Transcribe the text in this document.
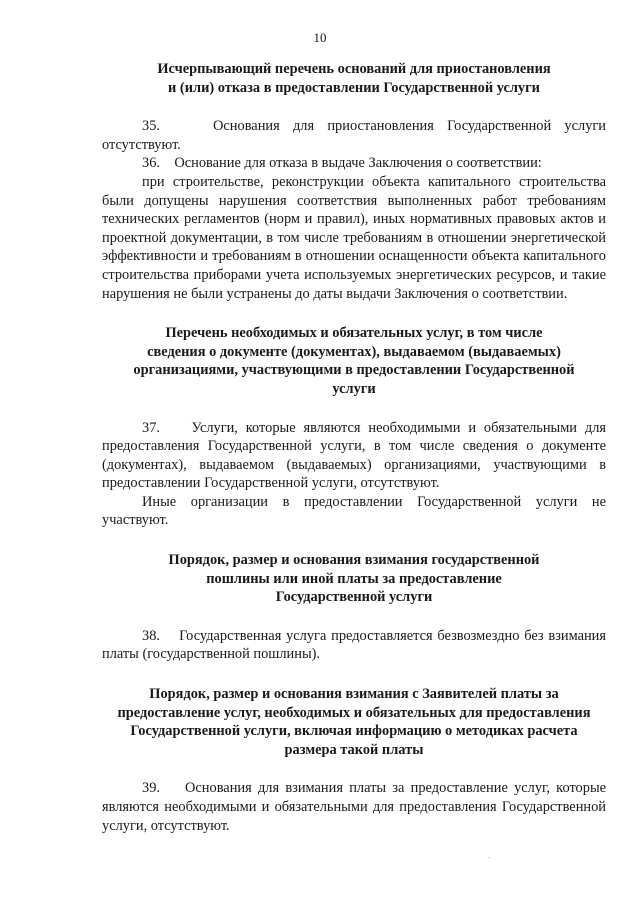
10
Исчерпывающий перечень оснований для приостановления
и (или) отказа в предоставлении Государственной услуги

35.    Основания для приостановления Государственной услуги отсутствуют.

36.    Основание для отказа в выдаче Заключения о соответствии:

при строительстве, реконструкции объекта капитального строительства были допущены нарушения соответствия выполненных работ требованиям технических регламентов (норм и правил), иных нормативных правовых актов и проектной документации, в том числе требованиям в отношении энергетической эффективности и требованиям в отношении оснащенности объекта капитального строительства приборами учета используемых энергетических ресурсов, и такие нарушения не были устранены до даты выдачи Заключения о соответствии.

Перечень необходимых и обязательных услуг, в том числе
сведения о документе (документах), выдаваемом (выдаваемых)
организациями, участвующими в предоставлении Государственной
услуги

37.    Услуги, которые являются необходимыми и обязательными для предоставления Государственной услуги, в том числе сведения о документе (документах), выдаваемом (выдаваемых) организациями, участвующими в предоставлении Государственной услуги, отсутствуют.

Иные организации в предоставлении Государственной услуги не участвуют.

Порядок, размер и основания взимания государственной
пошлины или иной платы за предоставление
Государственной услуги

38.    Государственная услуга предоставляется безвозмездно без взимания платы (государственной пошлины).

Порядок, размер и основания взимания с Заявителей платы за
предоставление услуг, необходимых и обязательных для предоставления
Государственной услуги, включая информацию о методиках расчета
размера такой платы

39.    Основания для взимания платы за предоставление услуг, которые являются необходимыми и обязательными для предоставления Государственной услуги, отсутствуют.
